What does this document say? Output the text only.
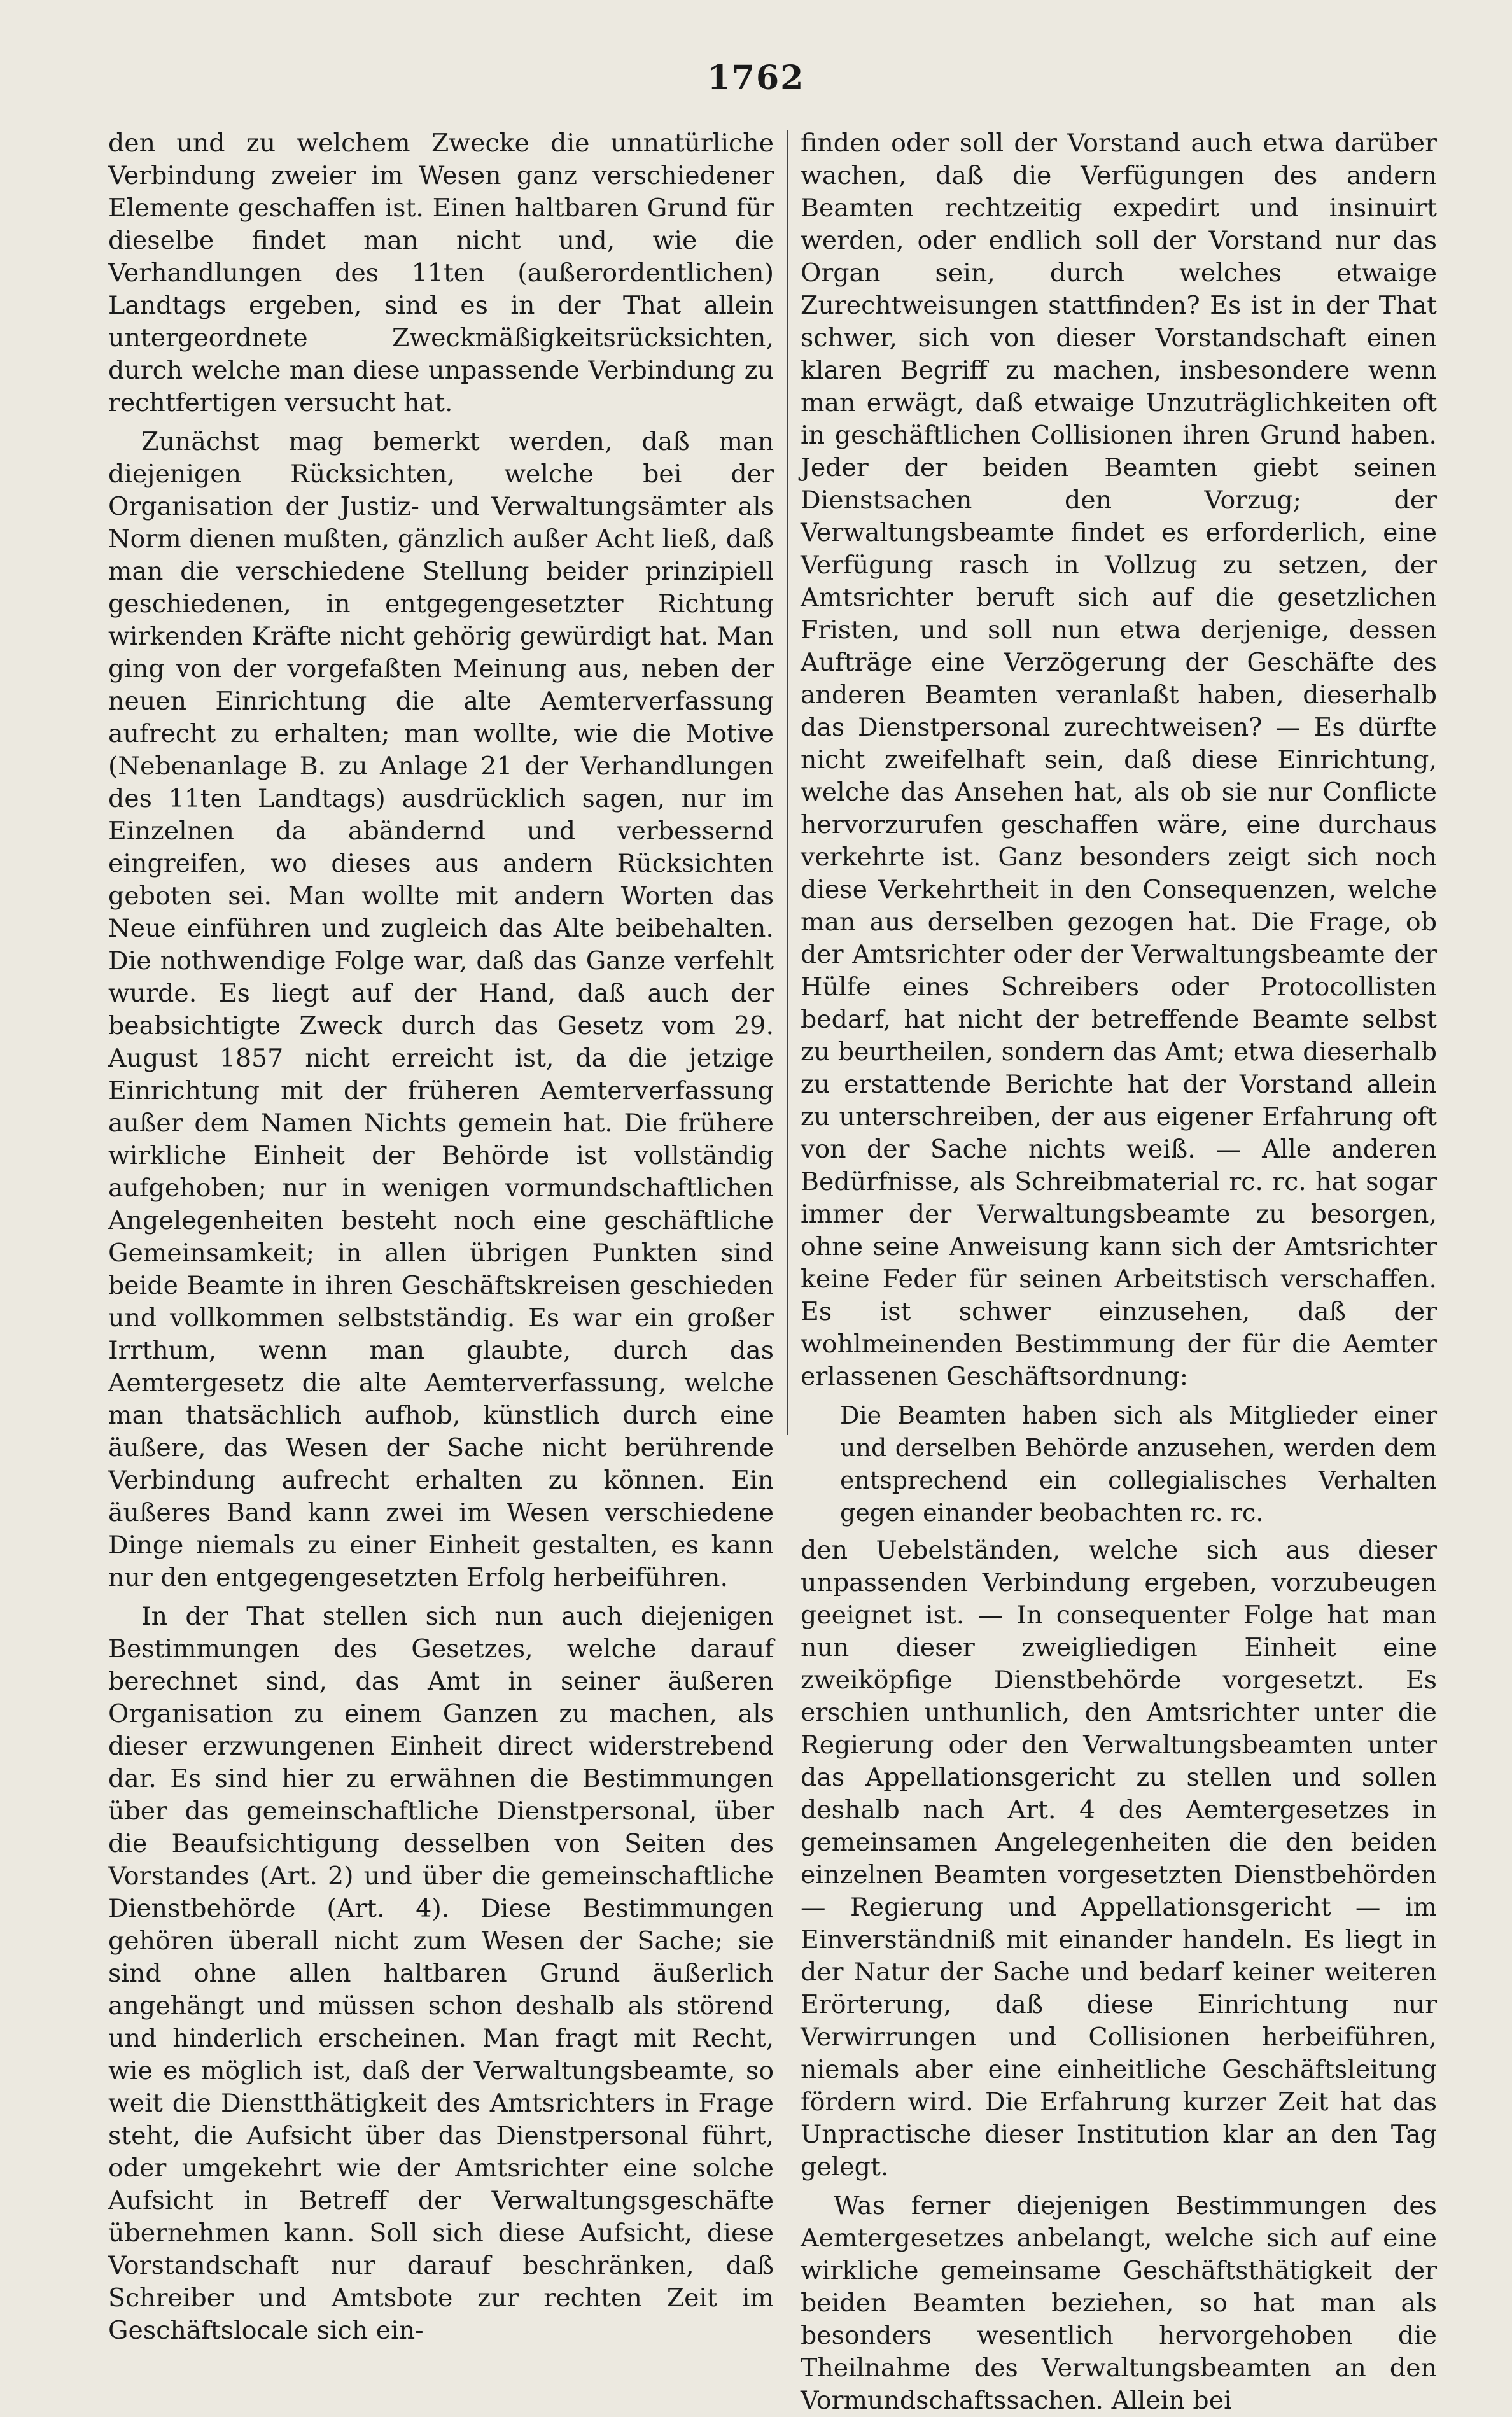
1762

den und zu welchem Zwecke die unnatürliche Verbindung zweier im Wesen ganz verschiedener Elemente geschaffen ist. Einen haltbaren Grund für dieselbe findet man nicht und, wie die Verhandlungen des 11ten (außerordentlichen) Landtags ergeben, sind es in der That allein untergeordnete Zweckmäßigkeitsrücksichten, durch welche man diese unpassende Verbindung zu rechtfertigen versucht hat.

Zunächst mag bemerkt werden, daß man diejenigen Rücksichten, welche bei der Organisation der Justiz- und Verwaltungsämter als Norm dienen mußten, gänzlich außer Acht ließ, daß man die verschiedene Stellung beider prinzipiell geschiedenen, in entgegengesetzter Richtung wirkenden Kräfte nicht gehörig gewürdigt hat. Man ging von der vorgefaßten Meinung aus, neben der neuen Einrichtung die alte Aemterverfassung aufrecht zu erhalten; man wollte, wie die Motive (Nebenanlage B. zu Anlage 21 der Verhandlungen des 11ten Landtags) ausdrücklich sagen, nur im Einzelnen da abändernd und verbessernd eingreifen, wo dieses aus andern Rücksichten geboten sei. Man wollte mit andern Worten das Neue einführen und zugleich das Alte beibehalten. Die nothwendige Folge war, daß das Ganze verfehlt wurde. Es liegt auf der Hand, daß auch der beabsichtigte Zweck durch das Gesetz vom 29. August 1857 nicht erreicht ist, da die jetzige Einrichtung mit der früheren Aemterverfassung außer dem Namen Nichts gemein hat. Die frühere wirkliche Einheit der Behörde ist vollständig aufgehoben; nur in wenigen vormundschaftlichen Angelegenheiten besteht noch eine geschäftliche Gemeinsamkeit; in allen übrigen Punkten sind beide Beamte in ihren Geschäftskreisen geschieden und vollkommen selbstständig. Es war ein großer Irrthum, wenn man glaubte, durch das Aemtergesetz die alte Aemterverfassung, welche man thatsächlich aufhob, künstlich durch eine äußere, das Wesen der Sache nicht berührende Verbindung aufrecht erhalten zu können. Ein äußeres Band kann zwei im Wesen verschiedene Dinge niemals zu einer Einheit gestalten, es kann nur den entgegengesetzten Erfolg herbeiführen.

In der That stellen sich nun auch diejenigen Bestimmungen des Gesetzes, welche darauf berechnet sind, das Amt in seiner äußeren Organisation zu einem Ganzen zu machen, als dieser erzwungenen Einheit direct widerstrebend dar. Es sind hier zu erwähnen die Bestimmungen über das gemeinschaftliche Dienstpersonal, über die Beaufsichtigung desselben von Seiten des Vorstandes (Art. 2) und über die gemeinschaftliche Dienstbehörde (Art. 4). Diese Bestimmungen gehören überall nicht zum Wesen der Sache; sie sind ohne allen haltbaren Grund äußerlich angehängt und müssen schon deshalb als störend und hinderlich erscheinen. Man fragt mit Recht, wie es möglich ist, daß der Verwaltungsbeamte, so weit die Dienstthätigkeit des Amtsrichters in Frage steht, die Aufsicht über das Dienstpersonal führt, oder umgekehrt wie der Amtsrichter eine solche Aufsicht in Betreff der Verwaltungsgeschäfte übernehmen kann. Soll sich diese Aufsicht, diese Vorstandschaft nur darauf beschränken, daß Schreiber und Amtsbote zur rechten Zeit im Geschäftslocale sich ein-

finden oder soll der Vorstand auch etwa darüber wachen, daß die Verfügungen des andern Beamten rechtzeitig expedirt und insinuirt werden, oder endlich soll der Vorstand nur das Organ sein, durch welches etwaige Zurechtweisungen stattfinden? Es ist in der That schwer, sich von dieser Vorstandschaft einen klaren Begriff zu machen, insbesondere wenn man erwägt, daß etwaige Unzuträglichkeiten oft in geschäftlichen Collisionen ihren Grund haben. Jeder der beiden Beamten giebt seinen Dienstsachen den Vorzug; der Verwaltungsbeamte findet es erforderlich, eine Verfügung rasch in Vollzug zu setzen, der Amtsrichter beruft sich auf die gesetzlichen Fristen, und soll nun etwa derjenige, dessen Aufträge eine Verzögerung der Geschäfte des anderen Beamten veranlaßt haben, dieserhalb das Dienstpersonal zurechtweisen? — Es dürfte nicht zweifelhaft sein, daß diese Einrichtung, welche das Ansehen hat, als ob sie nur Conflicte hervorzurufen geschaffen wäre, eine durchaus verkehrte ist. Ganz besonders zeigt sich noch diese Verkehrtheit in den Consequenzen, welche man aus derselben gezogen hat. Die Frage, ob der Amtsrichter oder der Verwaltungsbeamte der Hülfe eines Schreibers oder Protocollisten bedarf, hat nicht der betreffende Beamte selbst zu beurtheilen, sondern das Amt; etwa dieserhalb zu erstattende Berichte hat der Vorstand allein zu unterschreiben, der aus eigener Erfahrung oft von der Sache nichts weiß. — Alle anderen Bedürfnisse, als Schreibmaterial rc. rc. hat sogar immer der Verwaltungsbeamte zu besorgen, ohne seine Anweisung kann sich der Amtsrichter keine Feder für seinen Arbeitstisch verschaffen. Es ist schwer einzusehen, daß der wohlmeinenden Bestimmung der für die Aemter erlassenen Geschäftsordnung:

Die Beamten haben sich als Mitglieder einer und derselben Behörde anzusehen, werden dem entsprechend ein collegialisches Verhalten gegen einander beobachten rc. rc.

den Uebelständen, welche sich aus dieser unpassenden Verbindung ergeben, vorzubeugen geeignet ist. — In consequenter Folge hat man nun dieser zweigliedigen Einheit eine zweiköpfige Dienstbehörde vorgesetzt. Es erschien unthunlich, den Amtsrichter unter die Regierung oder den Verwaltungsbeamten unter das Appellationsgericht zu stellen und sollen deshalb nach Art. 4 des Aemtergesetzes in gemeinsamen Angelegenheiten die den beiden einzelnen Beamten vorgesetzten Dienstbehörden — Regierung und Appellationsgericht — im Einverständniß mit einander handeln. Es liegt in der Natur der Sache und bedarf keiner weiteren Erörterung, daß diese Einrichtung nur Verwirrungen und Collisionen herbeiführen, niemals aber eine einheitliche Geschäftsleitung fördern wird. Die Erfahrung kurzer Zeit hat das Unpractische dieser Institution klar an den Tag gelegt.

Was ferner diejenigen Bestimmungen des Aemtergesetzes anbelangt, welche sich auf eine wirkliche gemeinsame Geschäftsthätigkeit der beiden Beamten beziehen, so hat man als besonders wesentlich hervorgehoben die Theilnahme des Verwaltungsbeamten an den Vormundschaftssachen. Allein bei
